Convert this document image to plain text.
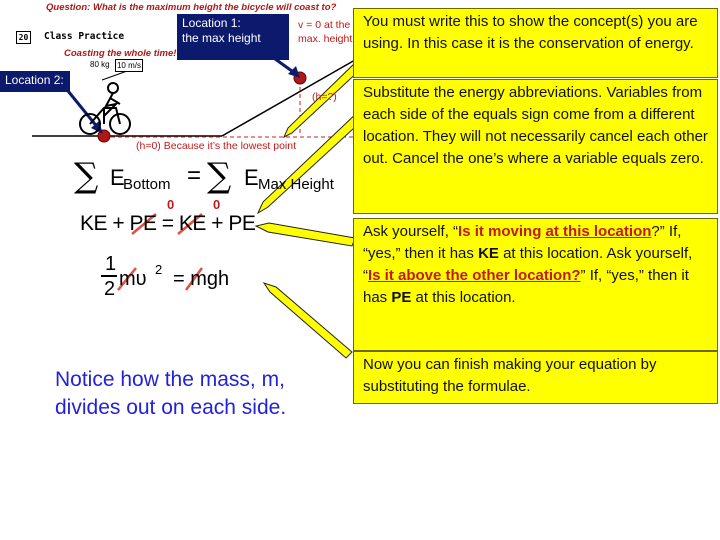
Question: What is the maximum height the bicycle will coast to?
20 Class Practice
Coasting the whole time!
80 kg 10 m/s
Location 1:
the max height
Location 2:
v = 0 at the
max. height
(h=?)
(h=0) Because it’s the lowest point
∑ E
Bottom = ∑ E Max Height
0	0
KE + PE = KE + PE
1
2 mυ 2 = mgh
You must write this to show the concept(s) you are using. In this case it is the conservation of energy.
Substitute the energy abbreviations. Variables from each side of the equals sign come from a different location. They will not necessarily cancel each other out. Cancel the one’s where a variable equals zero.
Ask yourself, “Is it moving at this location?” If, “yes,” then it has KE at this location. Ask yourself, “Is it above the other location?” If, “yes,” then it has PE at this location.
Now you can finish making your equation by substituting the formulae.
Notice how the mass, m, divides out on each side.
